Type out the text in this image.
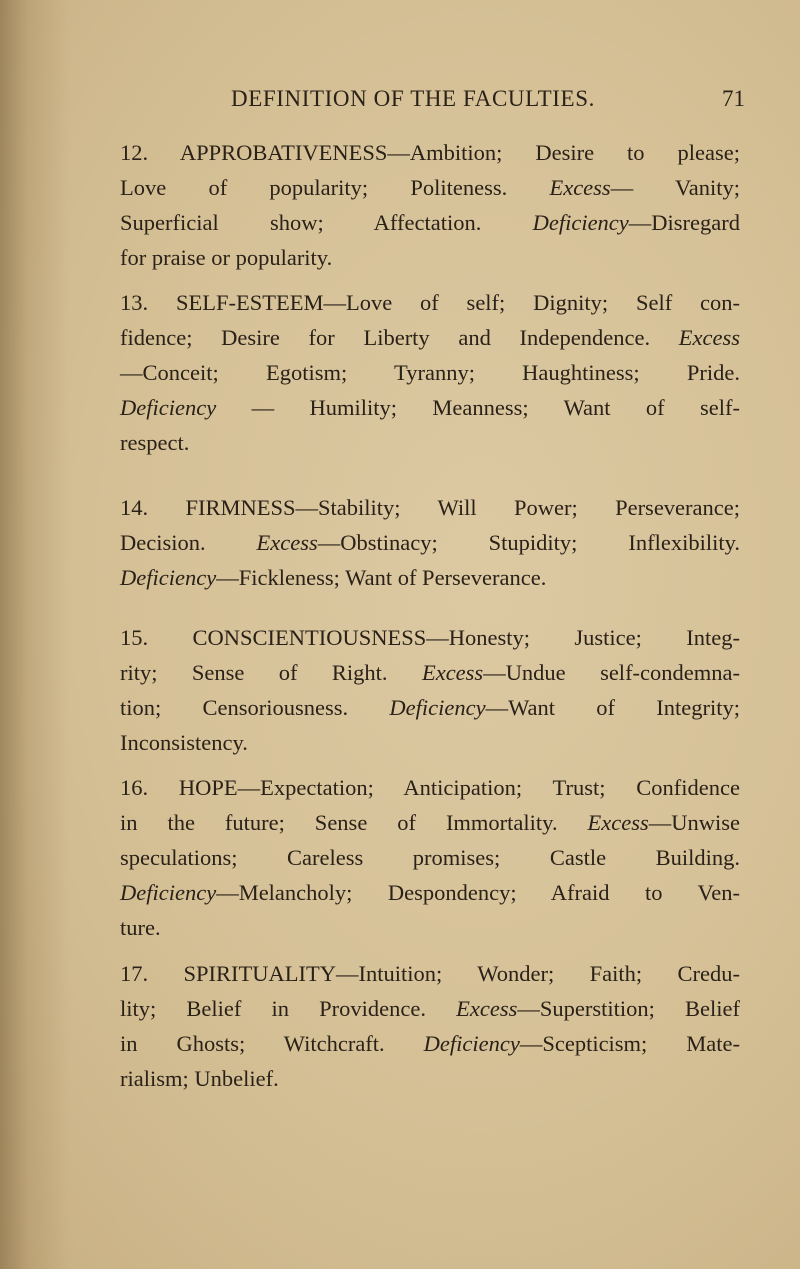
DEFINITION OF THE FACULTIES.	71
12. APPROBATIVENESS—Ambition; Desire to please;
Love of popularity; Politeness. Excess— Vanity;
Superficial show; Affectation. Deficiency—Disregard
for praise or popularity.
13. SELF-ESTEEM—Love of self; Dignity; Self con-
fidence; Desire for Liberty and Independence. Excess
—Conceit; Egotism; Tyranny; Haughtiness; Pride.
Deficiency — Humility; Meanness; Want of self-
respect.
14. FIRMNESS—Stability; Will Power; Perseverance;
Decision. Excess—Obstinacy; Stupidity; Inflexibility.
Deficiency—Fickleness; Want of Perseverance.
15. CONSCIENTIOUSNESS—Honesty; Justice; Integ-
rity; Sense of Right. Excess—Undue self-condemna-
tion; Censoriousness. Deficiency—Want of Integrity;
Inconsistency.
16. HOPE—Expectation; Anticipation; Trust; Confidence
in the future; Sense of Immortality. Excess—Unwise
speculations; Careless promises; Castle Building.
Deficiency—Melancholy; Despondency; Afraid to Ven-
ture.
17. SPIRITUALITY—Intuition; Wonder; Faith; Credu-
lity; Belief in Providence. Excess—Superstition; Belief
in Ghosts; Witchcraft. Deficiency—Scepticism; Mate-
rialism; Unbelief.
